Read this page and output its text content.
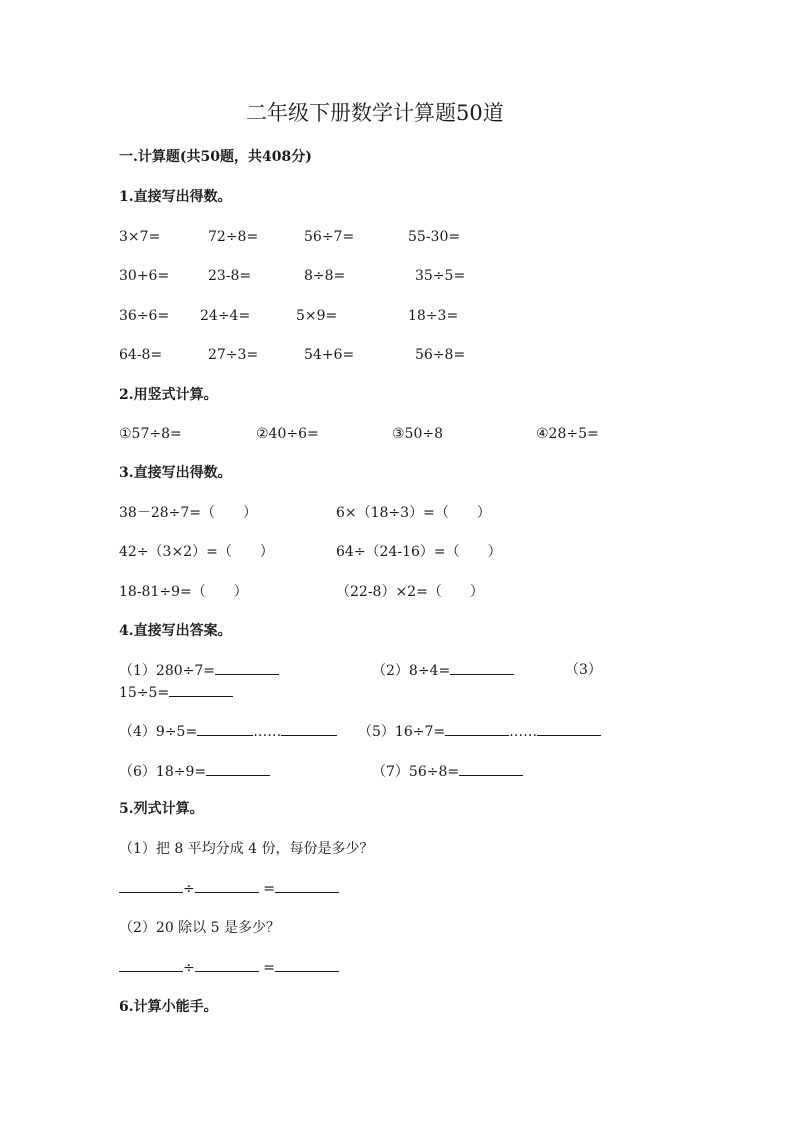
二年级下册数学计算题50道
一.计算题(共50题，共408分)
1.直接写出得数。
3×7=	72÷8=	56÷7=	55-30=
30+6=	23-8=	8÷8=	35÷5=
36÷6= 24÷4=	5×9=	18÷3=
64-8=	27÷3=	54+6=	56÷8=
2.用竖式计算。
①57÷8=	②40÷6=	③50÷8	④28÷5=
3.直接写出得数。
38－28÷7=（　　）	6×（18÷3）=（　　）
42÷（3×2）=（　　）	64÷（24-16）=（　　）
18-81÷9=（　　）	（22-8）×2=（　　）
4.直接写出答案。
（1）280÷7=	（2）8÷4=	（3）
15÷5=
（4）9÷5=	……	（5）16÷7=	……
（6）18÷9=	（7）56÷8=
5.列式计算。
（1）把 8 平均分成 4 份，每份是多少？
÷	=
（2）20 除以 5 是多少？
÷	=
6.计算小能手。
